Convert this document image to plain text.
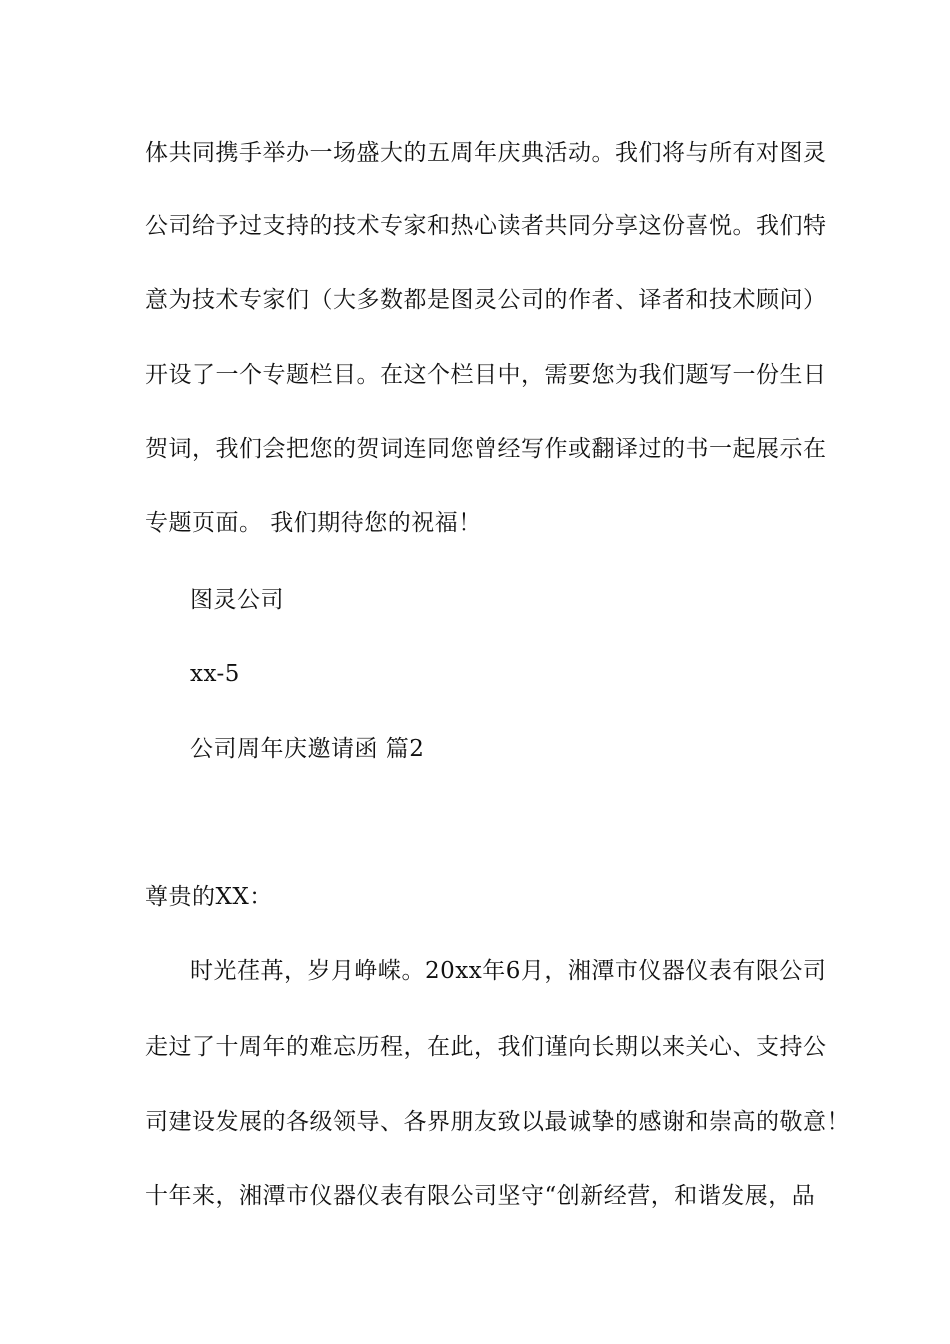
体共同携手举办一场盛大的五周年庆典活动。我们将与所有对图灵
公司给予过支持的技术专家和热心读者共同分享这份喜悦。我们特
意为技术专家们（大多数都是图灵公司的作者、译者和技术顾问）
开设了一个专题栏目。在这个栏目中，需要您为我们题写一份生日
贺词，我们会把您的贺词连同您曾经写作或翻译过的书一起展示在
专题页面。 我们期待您的祝福！
图灵公司
xx-5
公司周年庆邀请函 篇2
尊贵的XX：
时光荏苒，岁月峥嵘。20xx年6月，湘潭市仪器仪表有限公司
走过了十周年的难忘历程，在此，我们谨向长期以来关心、支持公
司建设发展的各级领导、各界朋友致以最诚挚的感谢和崇高的敬意！
十年来，湘潭市仪器仪表有限公司坚守“创新经营，和谐发展，品
